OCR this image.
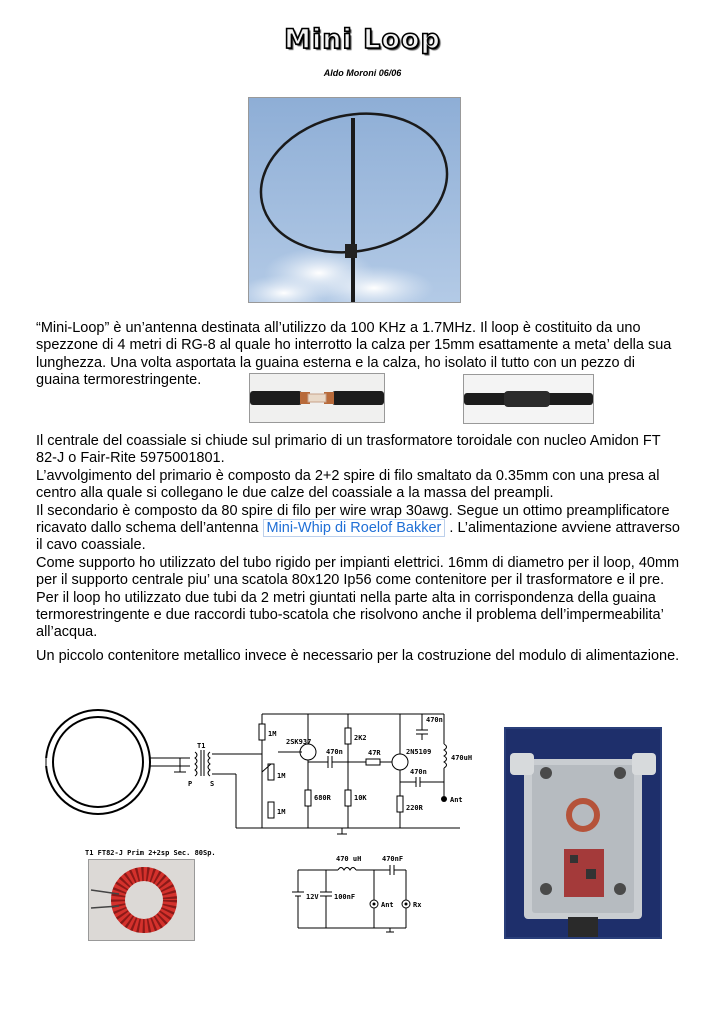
Mini Loop
Aldo Moroni 06/06
“Mini-Loop” è un’antenna destinata all’utilizzo da 100 KHz a 1.7MHz. Il loop è costituito da uno
spezzone di 4 metri di RG-8 al quale ho interrotto la calza per 15mm esattamente a meta’ della sua
lunghezza. Una volta asportata la guaina esterna e la calza, ho isolato il tutto con un pezzo di
guaina termorestringente.
Il centrale del coassiale si chiude sul primario di un trasformatore toroidale con nucleo Amidon FT
82-J o Fair-Rite 5975001801.
L’avvolgimento del primario è composto da 2+2 spire di filo smaltato da 0.35mm con una presa al
centro alla quale si collegano le due calze del coassiale a la massa del preampli.
Il secondario è composto da 80 spire di filo per wire wrap 30awg. Segue un ottimo preamplificatore
ricavato dallo schema dell’antenna Mini-Whip di Roelof Bakker . L’alimentazione avviene attraverso
il cavo coassiale.
Come supporto ho utilizzato del tubo rigido per impianti elettrici. 16mm di diametro per il loop, 40mm
per il supporto centrale piu’ una scatola 80x120 Ip56 come contenitore per il trasformatore e il pre.
Per il loop ho utilizzato due tubi da 2 metri giuntati nella parte alta in corrispondenza della guaina
termorestringente e due raccordi tubo-scatola che risolvono anche il problema dell’impermeabilita’
all’acqua.
Un piccolo contenitore metallico invece è necessario per la costruzione del modulo di alimentazione.
T1
P	S
1M
1M
1M
2SK937
680R
470n
2K2
10K
47R	2N5109
220R
470n
470uH
470n
Ant
T1 FT82-J Prim 2+2sp Sec. 80Sp.
470 uH	470nF
12V 100nF
Ant	Rx
